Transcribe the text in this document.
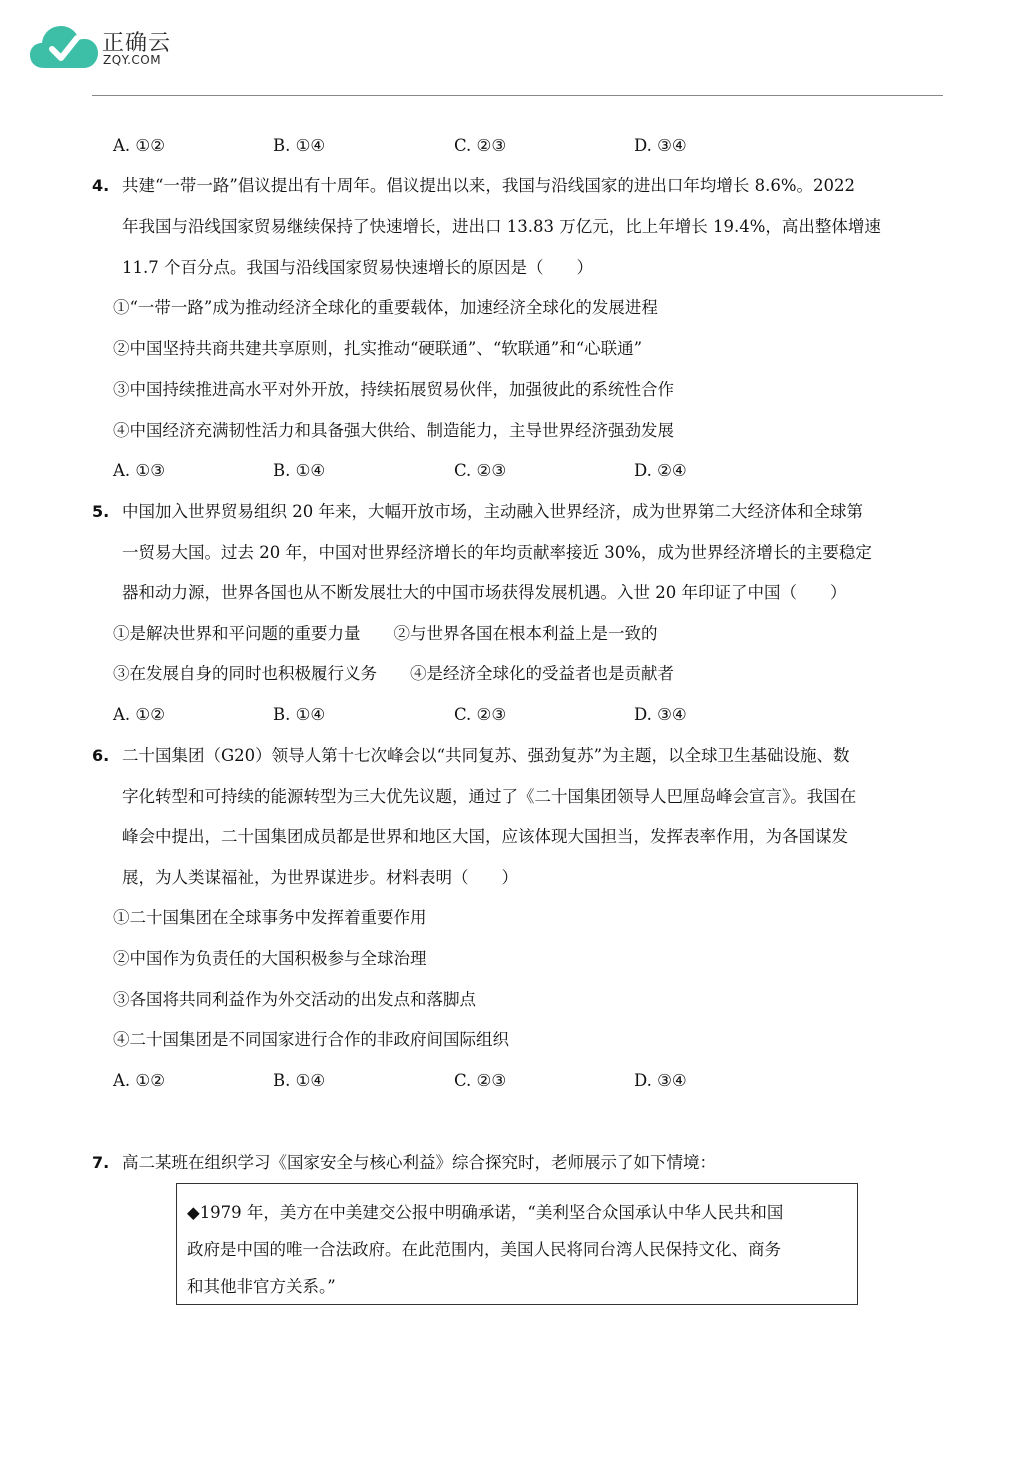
正确云
ZQY.COM
A. ①②	B. ①④	C. ②③	D. ③④
4. 共建“一带一路”倡议提出有十周年。倡议提出以来，我国与沿线国家的进出口年均增长 8.6%。2022
年我国与沿线国家贸易继续保持了快速增长，进出口 13.83 万亿元，比上年增长 19.4%，高出整体增速
11.7 个百分点。我国与沿线国家贸易快速增长的原因是（　　）
①“一带一路”成为推动经济全球化的重要载体，加速经济全球化的发展进程
②中国坚持共商共建共享原则，扎实推动“硬联通”、“软联通”和“心联通”
③中国持续推进高水平对外开放，持续拓展贸易伙伴，加强彼此的系统性合作
④中国经济充满韧性活力和具备强大供给、制造能力，主导世界经济强劲发展
A. ①③	B. ①④	C. ②③	D. ②④
5. 中国加入世界贸易组织 20 年来，大幅开放市场，主动融入世界经济，成为世界第二大经济体和全球第
一贸易大国。过去 20 年，中国对世界经济增长的年均贡献率接近 30%，成为世界经济增长的主要稳定
器和动力源，世界各国也从不断发展壮大的中国市场获得发展机遇。入世 20 年印证了中国（　　）
①是解决世界和平问题的重要力量　　②与世界各国在根本利益上是一致的
③在发展自身的同时也积极履行义务　　④是经济全球化的受益者也是贡献者
A. ①②	B. ①④	C. ②③	D. ③④
6. 二十国集团（G20）领导人第十七次峰会以“共同复苏、强劲复苏”为主题，以全球卫生基础设施、数
字化转型和可持续的能源转型为三大优先议题，通过了《二十国集团领导人巴厘岛峰会宣言》。我国在
峰会中提出，二十国集团成员都是世界和地区大国，应该体现大国担当，发挥表率作用，为各国谋发
展，为人类谋福祉，为世界谋进步。材料表明（　　）
①二十国集团在全球事务中发挥着重要作用
②中国作为负责任的大国积极参与全球治理
③各国将共同利益作为外交活动的出发点和落脚点
④二十国集团是不同国家进行合作的非政府间国际组织
A. ①②	B. ①④	C. ②③	D. ③④
7. 高二某班在组织学习《国家安全与核心利益》综合探究时，老师展示了如下情境：
◆1979 年，美方在中美建交公报中明确承诺，“美利坚合众国承认中华人民共和国
政府是中国的唯一合法政府。在此范围内，美国人民将同台湾人民保持文化、商务
和其他非官方关系。”
